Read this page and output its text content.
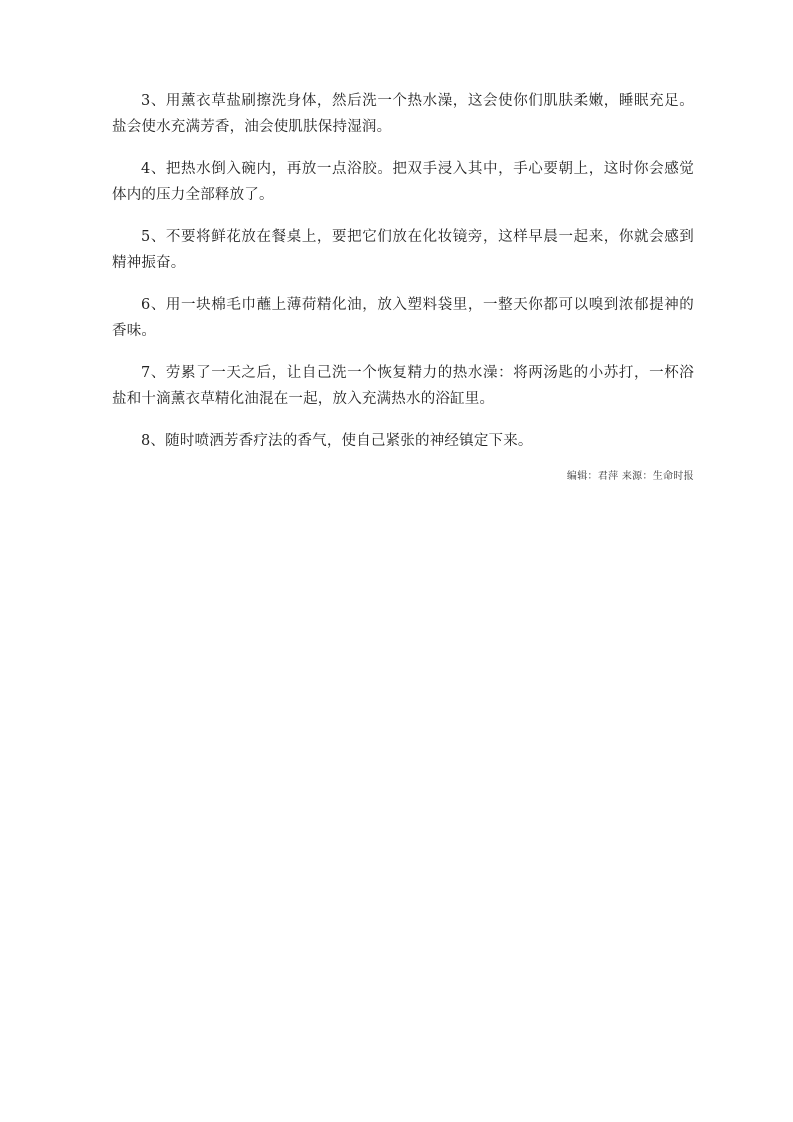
3、用薰衣草盐刷擦洗身体，然后洗一个热水澡，这会使你们肌肤柔嫩，睡眠充足。盐会使水充满芳香，油会使肌肤保持湿润。

4、把热水倒入碗内，再放一点浴胶。把双手浸入其中，手心要朝上，这时你会感觉体内的压力全部释放了。

5、不要将鲜花放在餐桌上，要把它们放在化妆镜旁，这样早晨一起来，你就会感到精神振奋。

6、用一块棉毛巾蘸上薄荷精化油，放入塑料袋里，一整天你都可以嗅到浓郁提神的香味。

7、劳累了一天之后，让自己洗一个恢复精力的热水澡：将两汤匙的小苏打，一杯浴盐和十滴薰衣草精化油混在一起，放入充满热水的浴缸里。

8、随时喷洒芳香疗法的香气，使自己紧张的神经镇定下来。

编辑：君萍 来源：生命时报
